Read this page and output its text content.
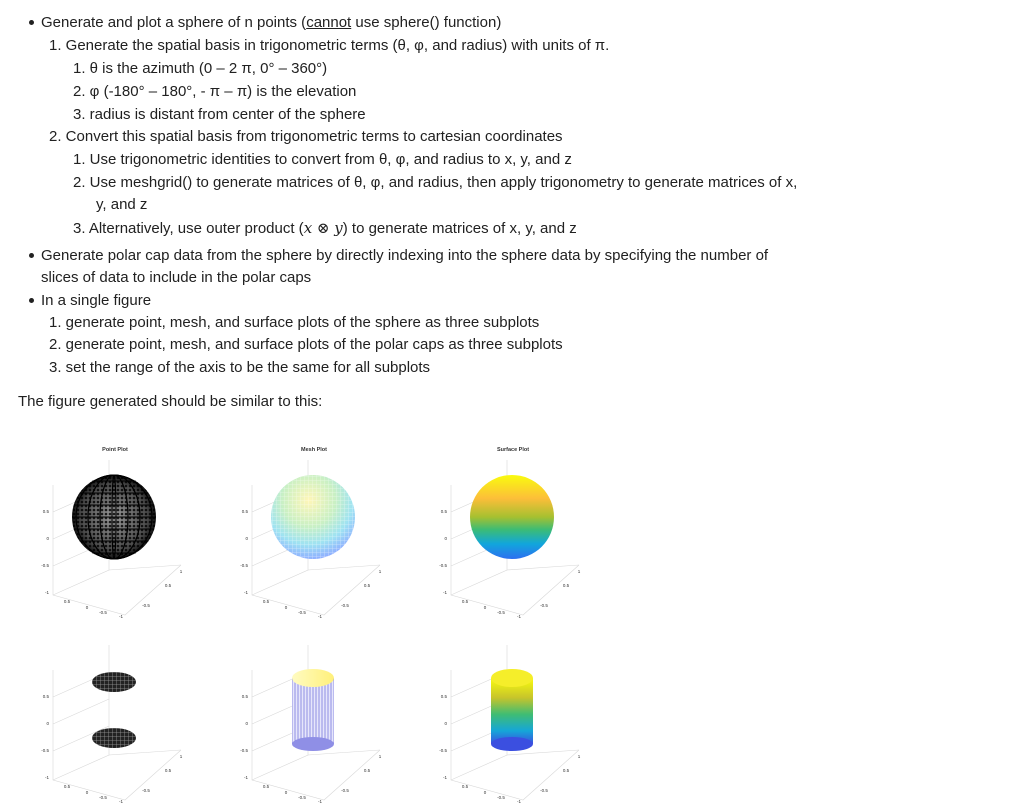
Generate and plot a sphere of n points (cannot use sphere() function)
1. Generate the spatial basis in trigonometric terms (θ, φ, and radius) with units of π.
1. θ is the azimuth (0 – 2 π, 0° – 360°)
2. φ (-180° – 180°, - π – π) is the elevation
3. radius is distant from center of the sphere
2. Convert this spatial basis from trigonometric terms to cartesian coordinates
1. Use trigonometric identities to convert from θ, φ, and radius to x, y, and z
2. Use meshgrid() to generate matrices of θ, φ, and radius, then apply trigonometry to generate matrices of x,
y, and z
3. Alternatively, use outer product (x ⊗ y) to generate matrices of x, y, and z
Generate polar cap data from the sphere by directly indexing into the sphere data by specifying the number of
slices of data to include in the polar caps
In a single figure
1. generate point, mesh, and surface plots of the sphere as three subplots
2. generate point, mesh, and surface plots of the polar caps as three subplots
3. set the range of the axis to be the same for all subplots
The figure generated should be similar to this:
0.5
0
-0.5
-1
0.5
0
-0.5
-1
-0.5
0.5
1
Point Plot
0.5
0
-0.5
-1
0.5
0
-0.5
-1
-0.5
0.5
1
Mesh Plot
0.5
0
-0.5
-1
0.5
0
-0.5
-1
-0.5
0.5
1
Surface Plot
0.5
0
-0.5
-1
0.5
0
-0.5
-1
-0.5
0.5
1
0.5
0
-0.5
-1
0.5
0
-0.5
-1
-0.5
0.5
1
0.5
0
-0.5
-1
0.5
0
-0.5
-1
-0.5
0.5
1
